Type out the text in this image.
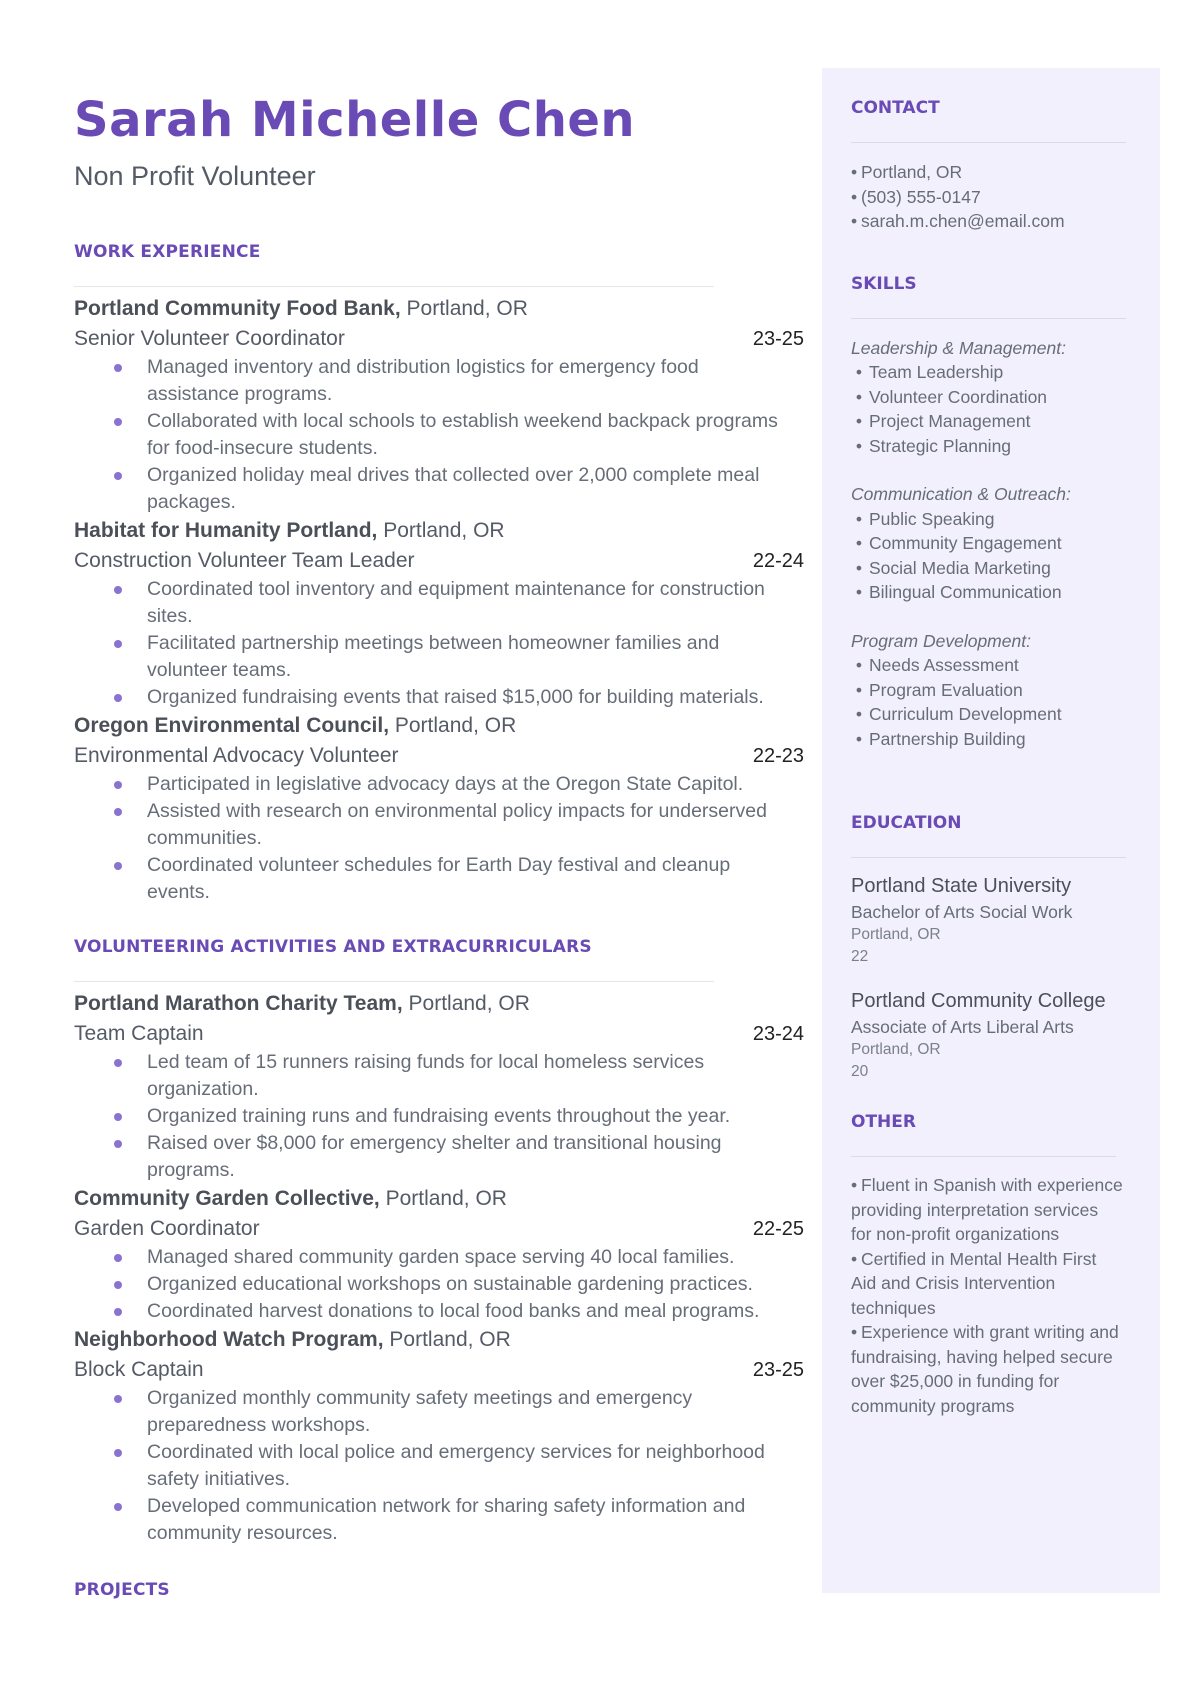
Sarah Michelle Chen
Non Profit Volunteer
WORK EXPERIENCE
Portland Community Food Bank, Portland, OR
Senior Volunteer Coordinator	23-25
Managed inventory and distribution logistics for emergency food assistance programs.
Collaborated with local schools to establish weekend backpack programs for food-insecure students.
Organized holiday meal drives that collected over 2,000 complete meal packages.
Habitat for Humanity Portland, Portland, OR
Construction Volunteer Team Leader	22-24
Coordinated tool inventory and equipment maintenance for construction sites.
Facilitated partnership meetings between homeowner families and volunteer teams.
Organized fundraising events that raised $15,000 for building materials.
Oregon Environmental Council, Portland, OR
Environmental Advocacy Volunteer	22-23
Participated in legislative advocacy days at the Oregon State Capitol.
Assisted with research on environmental policy impacts for underserved communities.
Coordinated volunteer schedules for Earth Day festival and cleanup events.
VOLUNTEERING ACTIVITIES AND EXTRACURRICULARS
Portland Marathon Charity Team, Portland, OR
Team Captain	23-24
Led team of 15 runners raising funds for local homeless services organization.
Organized training runs and fundraising events throughout the year.
Raised over $8,000 for emergency shelter and transitional housing programs.
Community Garden Collective, Portland, OR
Garden Coordinator	22-25
Managed shared community garden space serving 40 local families.
Organized educational workshops on sustainable gardening practices.
Coordinated harvest donations to local food banks and meal programs.
Neighborhood Watch Program, Portland, OR
Block Captain	23-25
Organized monthly community safety meetings and emergency preparedness workshops.
Coordinated with local police and emergency services for neighborhood safety initiatives.
Developed communication network for sharing safety information and community resources.
PROJECTS
CONTACT
• Portland, OR
• (503) 555-0147
• sarah.m.chen@email.com
SKILLS
Leadership & Management:
• Team Leadership
• Volunteer Coordination
• Project Management
• Strategic Planning
Communication & Outreach:
• Public Speaking
• Community Engagement
• Social Media Marketing
• Bilingual Communication
Program Development:
• Needs Assessment
• Program Evaluation
• Curriculum Development
• Partnership Building
EDUCATION
Portland State University
Bachelor of Arts Social Work
Portland, OR
22
Portland Community College
Associate of Arts Liberal Arts
Portland, OR
20
OTHER
• Fluent in Spanish with experience providing interpretation services for non-profit organizations
• Certified in Mental Health First Aid and Crisis Intervention techniques
• Experience with grant writing and fundraising, having helped secure over $25,000 in funding for community programs
